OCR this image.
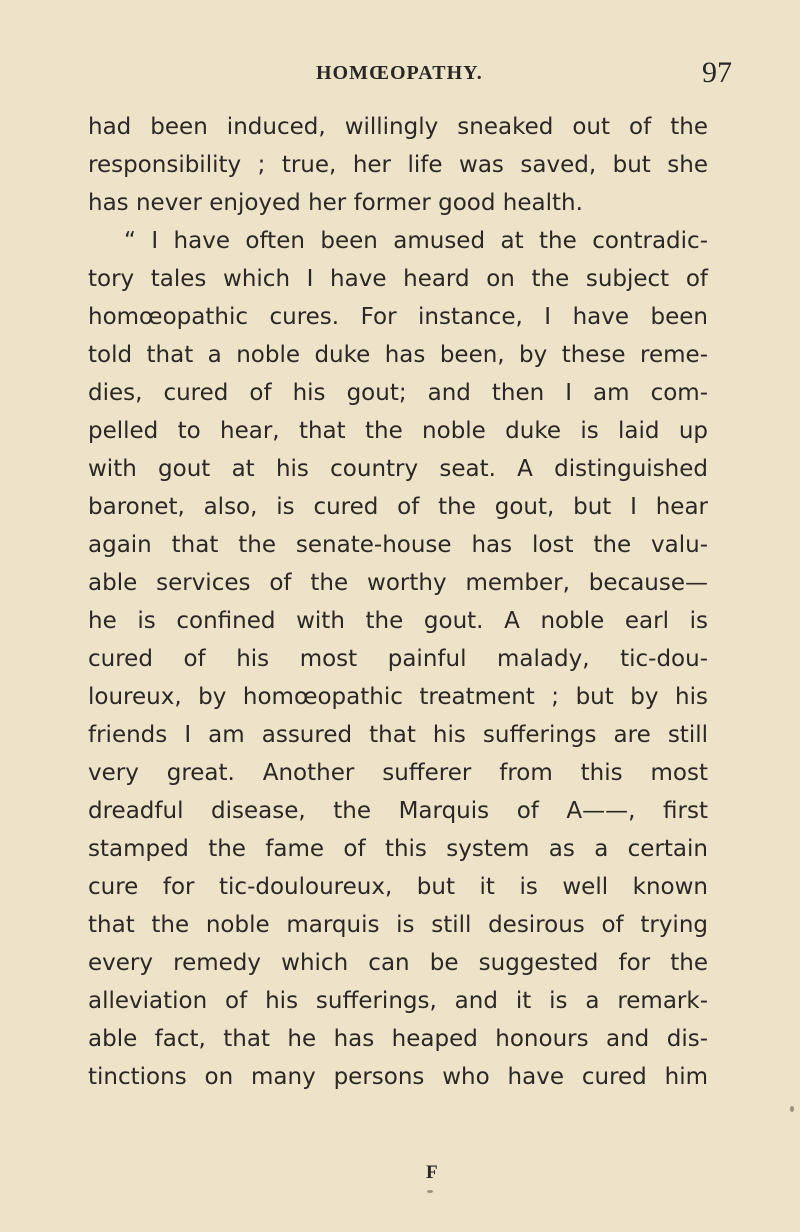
HOMŒOPATHY.	97
had been induced, willingly sneaked out of the
responsibility ; true, her life was saved, but she
has never enjoyed her former good health.
“ I have often been amused at the contradic-
tory tales which I have heard on the subject of
homœopathic cures. For instance, I have been
told that a noble duke has been, by these reme-
dies, cured of his gout; and then I am com-
pelled to hear, that the noble duke is laid up
with gout at his country seat. A distinguished
baronet, also, is cured of the gout, but I hear
again that the senate-house has lost the valu-
able services of the worthy member, because—
he is confined with the gout. A noble earl is
cured of his most painful malady, tic-dou-
loureux, by homœopathic treatment ; but by his
friends I am assured that his sufferings are still
very great. Another sufferer from this most
dreadful disease, the Marquis of A——, first
stamped the fame of this system as a certain
cure for tic-douloureux, but it is well known
that the noble marquis is still desirous of trying
every remedy which can be suggested for the
alleviation of his sufferings, and it is a remark-
able fact, that he has heaped honours and dis-
tinctions on many persons who have cured him
F
